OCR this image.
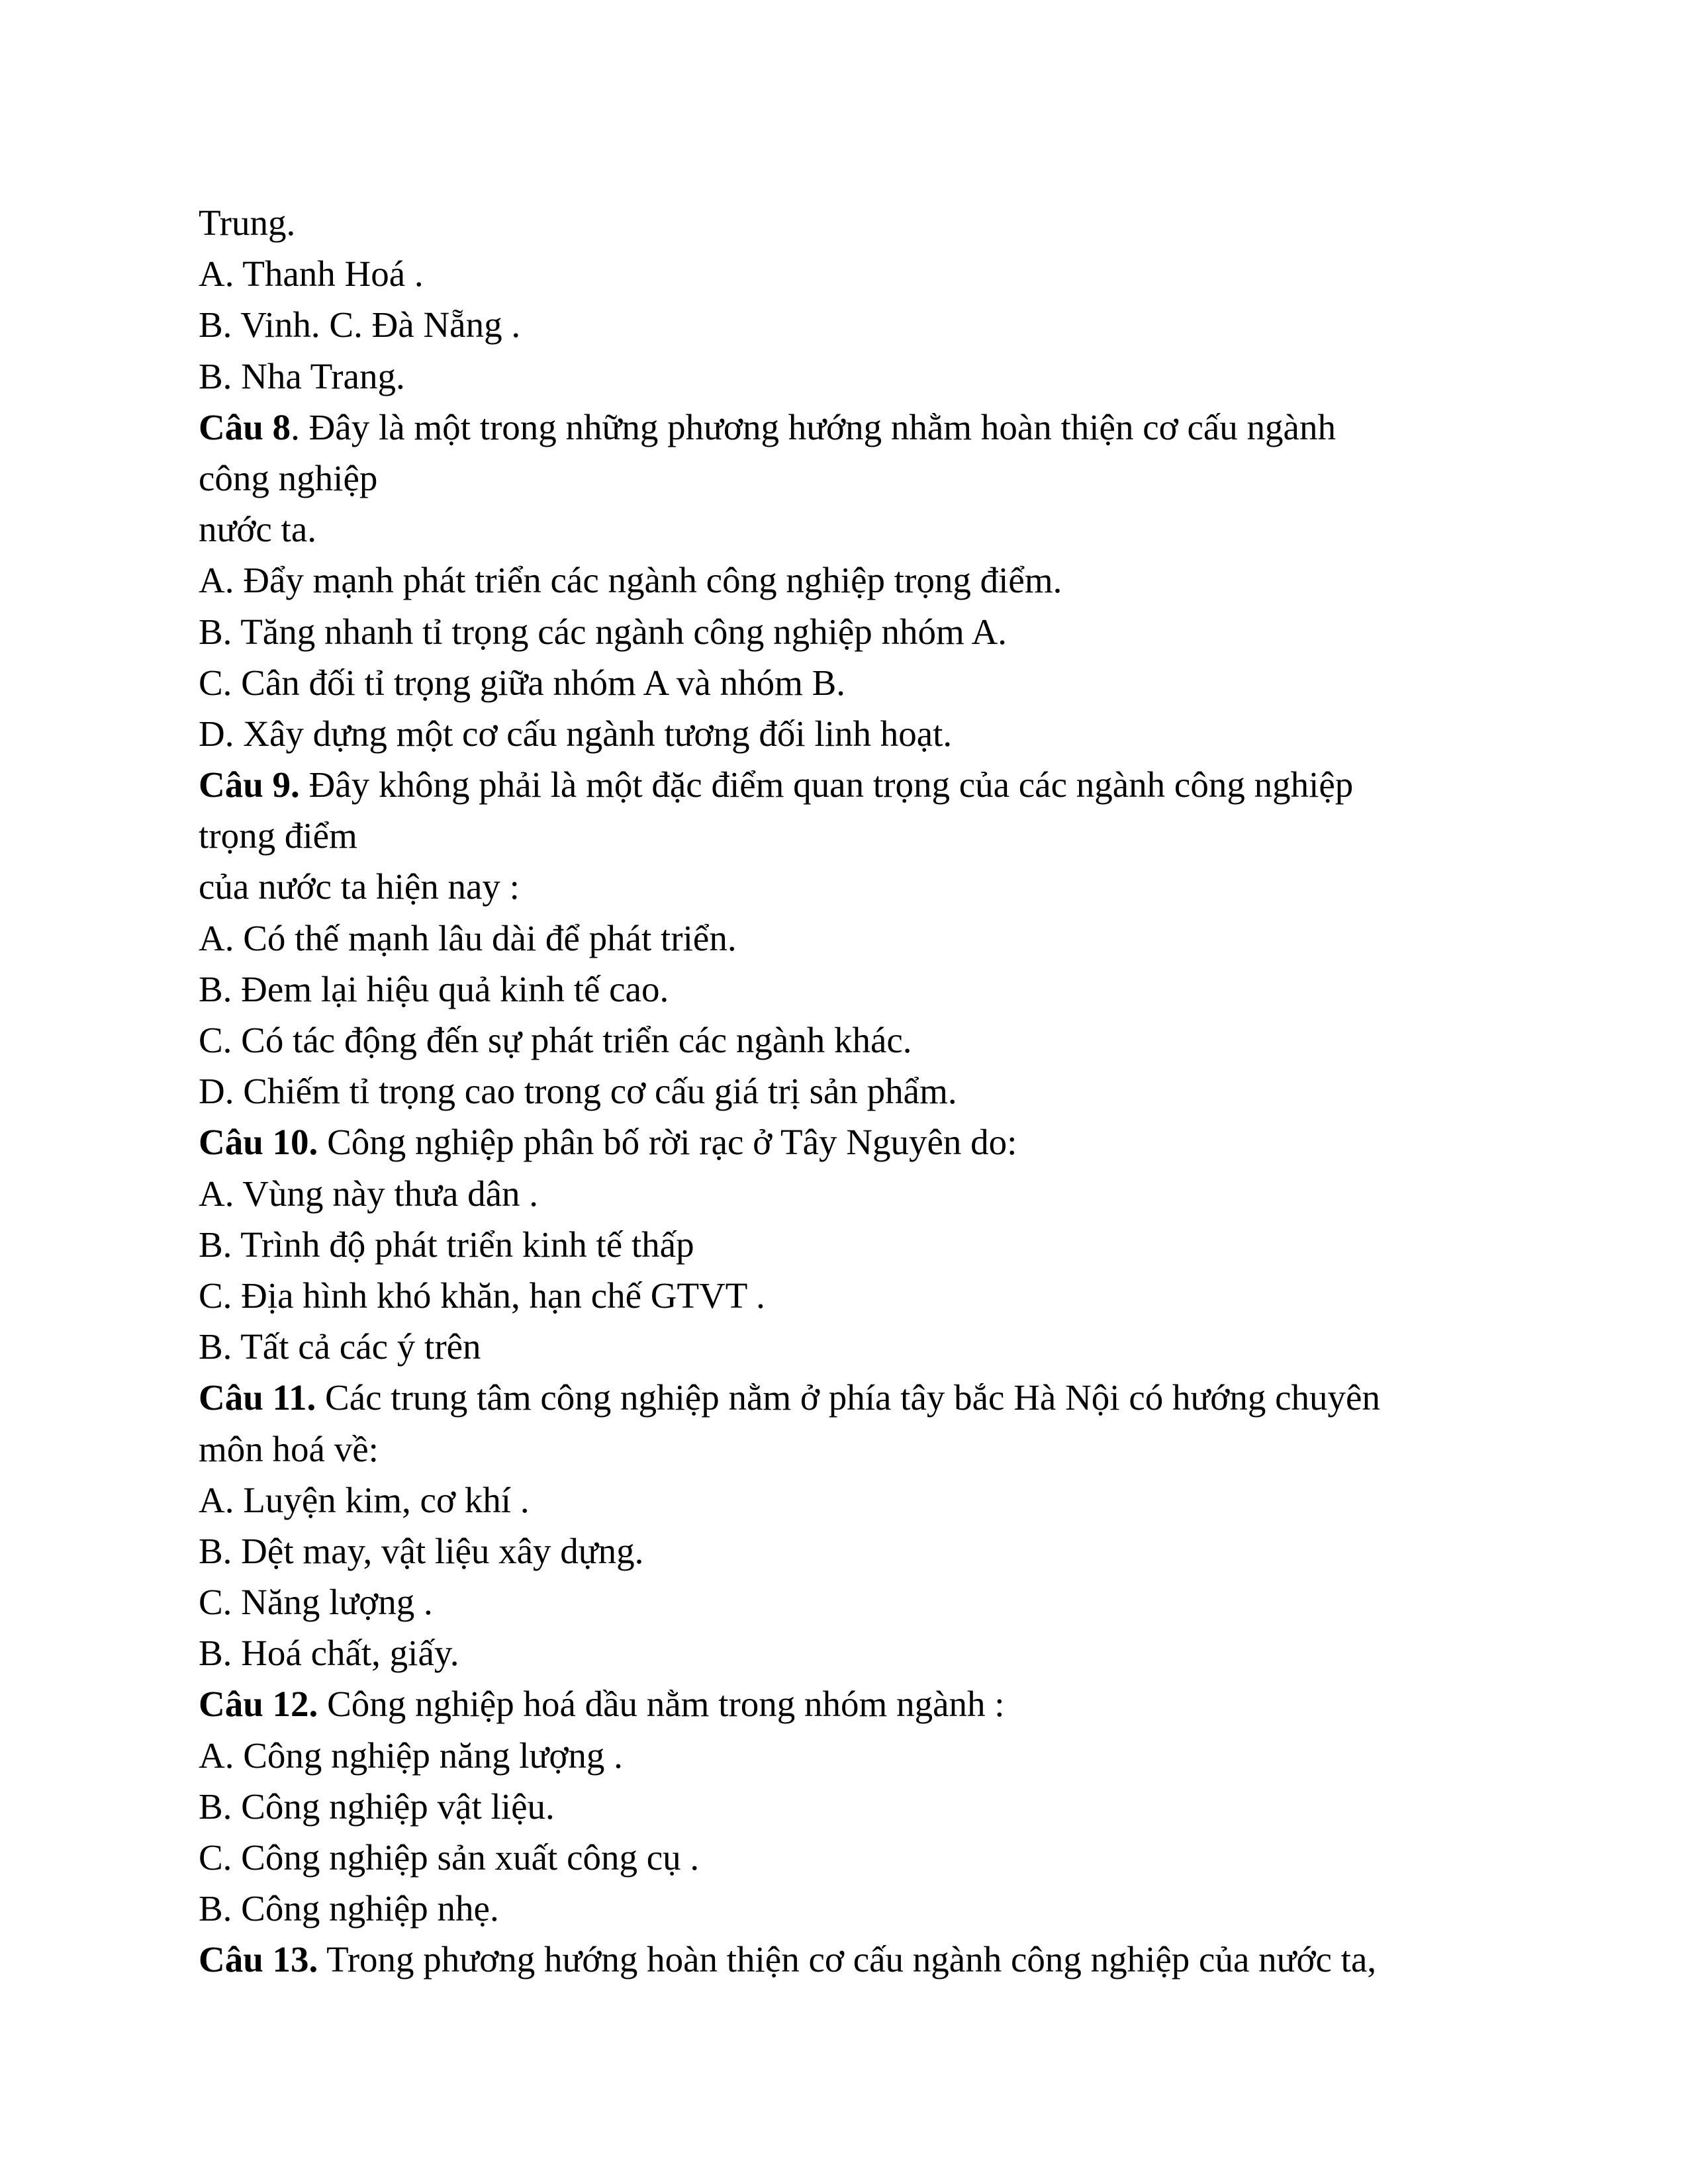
Trung.
A. Thanh Hoá .
B. Vinh. C. Đà Nẵng .
B. Nha Trang.
Câu 8. Đây là một trong những phương hướng nhằm hoàn thiện cơ cấu ngành
công nghiệp
nước ta.
A. Đẩy mạnh phát triển các ngành công nghiệp trọng điểm.
B. Tăng nhanh tỉ trọng các ngành công nghiệp nhóm A.
C. Cân đối tỉ trọng giữa nhóm A và nhóm B.
D. Xây dựng một cơ cấu ngành tương đối linh hoạt.
Câu 9. Đây không phải là một đặc điểm quan trọng của các ngành công nghiệp
trọng điểm
của nước ta hiện nay :
A. Có thế mạnh lâu dài để phát triển.
B. Đem lại hiệu quả kinh tế cao.
C. Có tác động đến sự phát triển các ngành khác.
D. Chiếm tỉ trọng cao trong cơ cấu giá trị sản phẩm.
Câu 10. Công nghiệp phân bố rời rạc ở Tây Nguyên do:
A. Vùng này thưa dân .
B. Trình độ phát triển kinh tế thấp
C. Địa hình khó khăn, hạn chế GTVT .
B. Tất cả các ý trên
Câu 11. Các trung tâm công nghiệp nằm ở phía tây bắc Hà Nội có hướng chuyên
môn hoá về:
A. Luyện kim, cơ khí .
B. Dệt may, vật liệu xây dựng.
C. Năng lượng .
B. Hoá chất, giấy.
Câu 12. Công nghiệp hoá dầu nằm trong nhóm ngành :
A. Công nghiệp năng lượng .
B. Công nghiệp vật liệu.
C. Công nghiệp sản xuất công cụ .
B. Công nghiệp nhẹ.
Câu 13. Trong phương hướng hoàn thiện cơ cấu ngành công nghiệp của nước ta,
